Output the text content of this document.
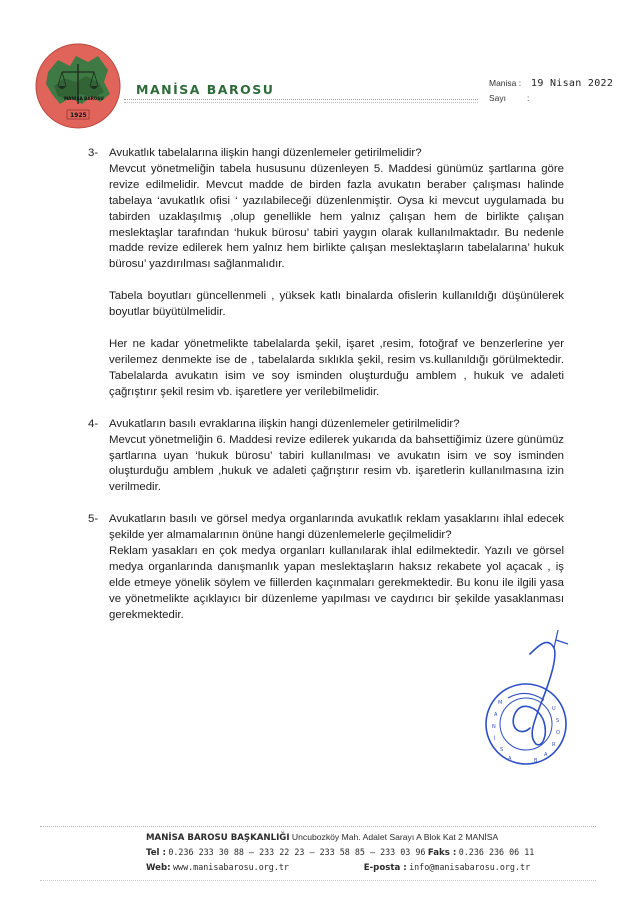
MANİSA BAROSU
1925
MANİSA BAROSU	Manisa : 19 Nisan 2022
Sayı	:
3- Avukatlık tabelalarına ilişkin hangi düzenlemeler getirilmelidir?
Mevcut yönetmeliğin tabela hususunu düzenleyen 5. Maddesi günümüz şartlarına göre revize edilmelidir. Mevcut madde de birden fazla avukatın beraber çalışması halinde tabelaya ‘avukatlık ofisi ‘ yazılabileceği düzenlenmiştir. Oysa ki mevcut uygulamada bu tabirden uzaklaşılmış ,olup genellikle hem yalnız çalışan hem de birlikte çalışan meslektaşlar tarafından ‘hukuk bürosu’ tabiri yaygın olarak kullanılmaktadır. Bu nedenle madde revize edilerek hem yalnız hem birlikte çalışan meslektaşların tabelalarına’ hukuk bürosu’ yazdırılması sağlanmalıdır.
Tabela boyutları güncellenmeli , yüksek katlı binalarda ofislerin kullanıldığı düşünülerek boyutlar büyütülmelidir.
Her ne kadar yönetmelikte tabelalarda şekil, işaret ,resim, fotoğraf ve benzerlerine yer verilemez denmekte ise de , tabelalarda sıklıkla şekil, resim vs.kullanıldığı görülmektedir. Tabelalarda avukatın isim ve soy isminden oluşturduğu amblem , hukuk ve adaleti çağrıştırır şekil resim vb. işaretlere yer verilebilmelidir.
4- Avukatların basılı evraklarına ilişkin hangi düzenlemeler getirilmelidir?
Mevcut yönetmeliğin 6. Maddesi revize edilerek yukarıda da bahsettiğimiz üzere günümüz şartlarına uyan ‘hukuk bürosu’ tabiri kullanılması ve avukatın isim ve soy isminden oluşturduğu amblem ,hukuk ve adaleti çağrıştırır resim vb. işaretlerin kullanılmasına izin verilmedir.
5- Avukatların basılı ve görsel medya organlarında avukatlık reklam yasaklarını ihlal edecek şekilde yer almamalarının önüne hangi düzenlemelerle geçilmelidir?
Reklam yasakları en çok medya organları kullanılarak ihlal edilmektedir. Yazılı ve görsel medya organlarında danışmanlık yapan meslektaşların haksız rekabete yol açacak , iş elde etmeye yönelik söylem ve fiillerden kaçınmaları gerekmektedir. Bu konu ile ilgili yasa ve yönetmelikte açıklayıcı bir düzenleme yapılması ve caydırıcı bir şekilde yasaklanması gerekmektedir.
M
A
N
İ
S
A	B
A
R
O
S
U
MANİSA BAROSU BAŞKANLIĞI Uncubozköy Mah. Adalet Sarayı A Blok Kat 2 MANİSA
Tel : 0.236 233 30 88 – 233 22 23 – 233 58 85 – 233 03 96 Faks : 0.236 236 06 11
Web: www.manisabarosu.org.tr	E-posta : info@manisabarosu.org.tr
